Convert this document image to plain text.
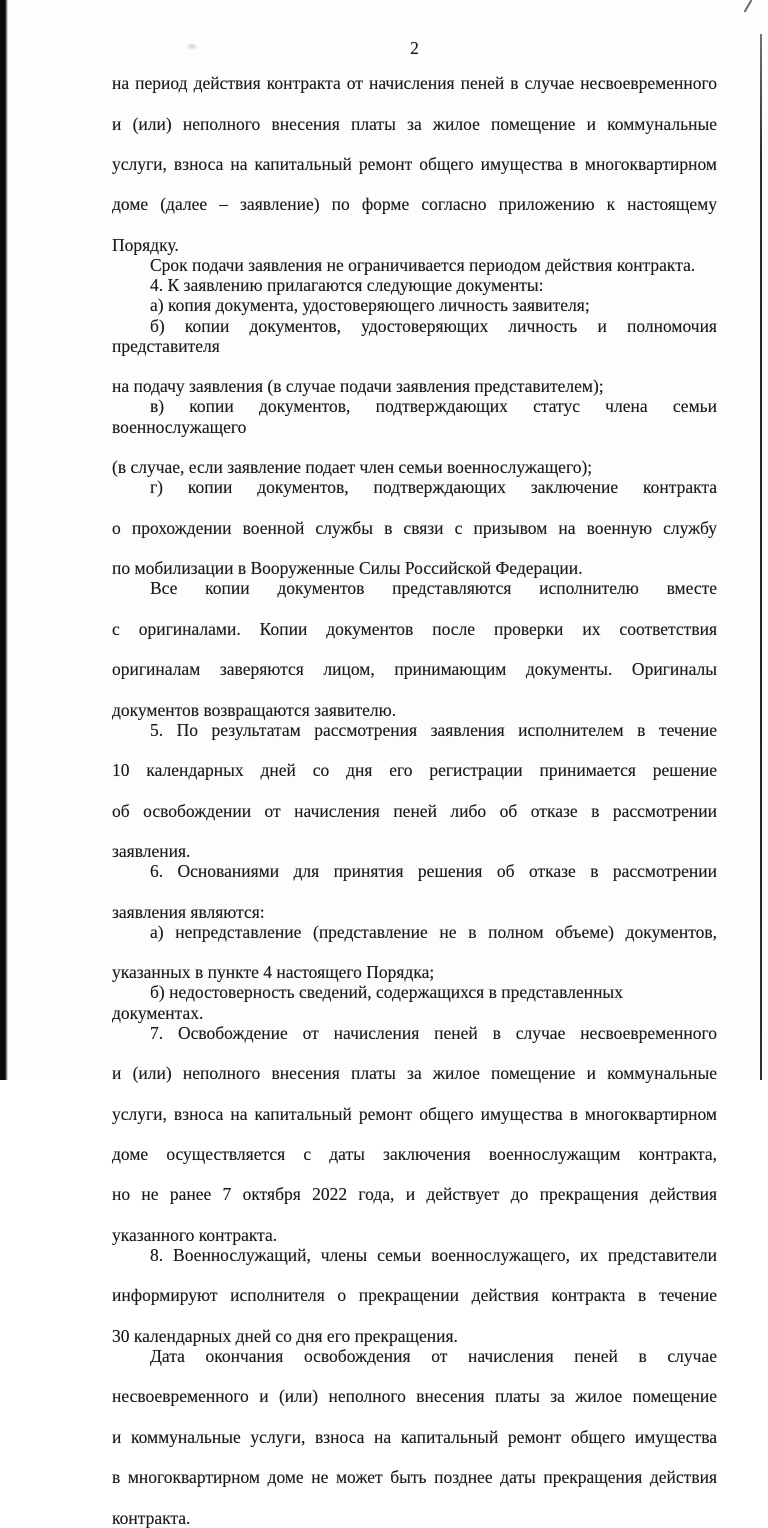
2
на период действия контракта от начисления пеней в случае несвоевременного
и (или) неполного внесения платы за жилое помещение и коммунальные
услуги, взноса на капитальный ремонт общего имущества в многоквартирном
доме (далее – заявление) по форме согласно приложению к настоящему
Порядку.
Срок подачи заявления не ограничивается периодом действия контракта.
4. К заявлению прилагаются следующие документы:
а) копия документа, удостоверяющего личность заявителя;
б) копии документов, удостоверяющих личность и полномочия представителя
на подачу заявления (в случае подачи заявления представителем);
в) копии документов, подтверждающих статус члена семьи военнослужащего
(в случае, если заявление подает член семьи военнослужащего);
г) копии документов, подтверждающих заключение контракта
о прохождении военной службы в связи с призывом на военную службу
по мобилизации в Вооруженные Силы Российской Федерации.
Все копии документов представляются исполнителю вместе
с оригиналами. Копии документов после проверки их соответствия
оригиналам заверяются лицом, принимающим документы. Оригиналы
документов возвращаются заявителю.
5. По результатам рассмотрения заявления исполнителем в течение
10 календарных дней со дня его регистрации принимается решение
об освобождении от начисления пеней либо об отказе в рассмотрении
заявления.
6. Основаниями для принятия решения об отказе в рассмотрении
заявления являются:
а) непредставление (представление не в полном объеме) документов,
указанных в пункте 4 настоящего Порядка;
б) недостоверность сведений, содержащихся в представленных документах.
7. Освобождение от начисления пеней в случае несвоевременного
и (или) неполного внесения платы за жилое помещение и коммунальные
услуги, взноса на капитальный ремонт общего имущества в многоквартирном
доме осуществляется с даты заключения военнослужащим контракта,
но не ранее 7 октября 2022 года, и действует до прекращения действия
указанного контракта.
8. Военнослужащий, члены семьи военнослужащего, их представители
информируют исполнителя о прекращении действия контракта в течение
30 календарных дней со дня его прекращения.
Дата окончания освобождения от начисления пеней в случае
несвоевременного и (или) неполного внесения платы за жилое помещение
и коммунальные услуги, взноса на капитальный ремонт общего имущества
в многоквартирном доме не может быть позднее даты прекращения действия
контракта.
